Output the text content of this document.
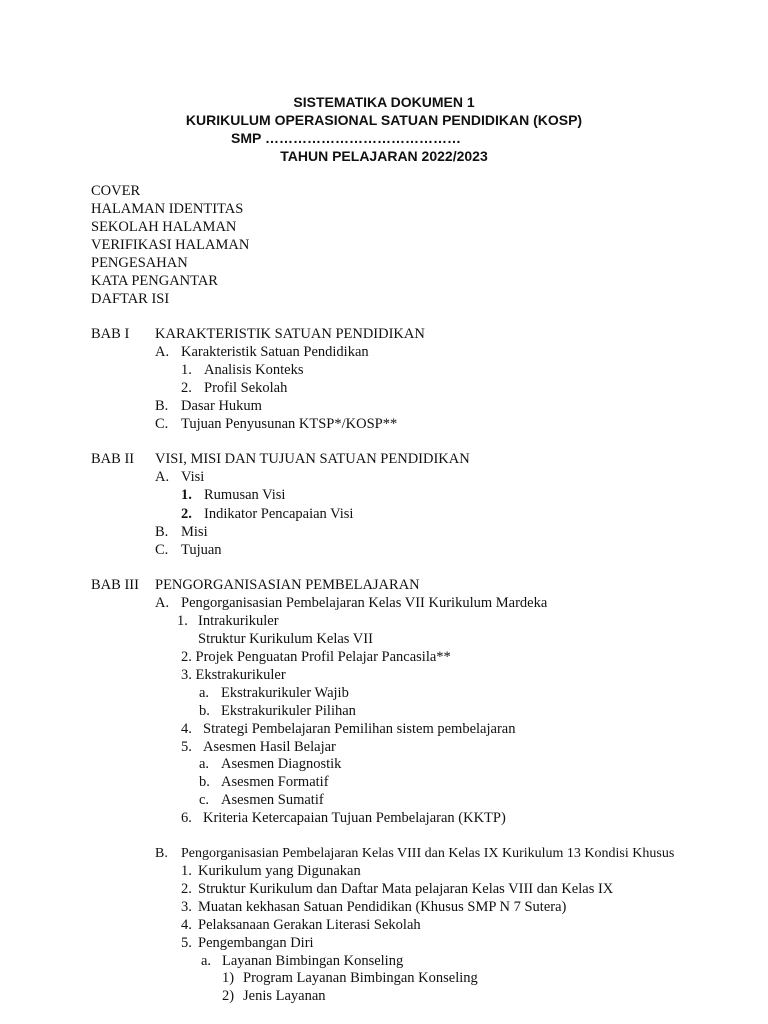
SISTEMATIKA DOKUMEN 1
KURIKULUM OPERASIONAL SATUAN PENDIDIKAN (KOSP)
SMP ……………………………………
TAHUN PELAJARAN 2022/2023
COVER
HALAMAN IDENTITAS
SEKOLAH HALAMAN
VERIFIKASI HALAMAN
PENGESAHAN
KATA PENGANTAR
DAFTAR ISI
BAB I KARAKTERISTIK SATUAN PENDIDIKAN
A. Karakteristik Satuan Pendidikan
1. Analisis Konteks
2. Profil Sekolah
B. Dasar Hukum
C. Tujuan Penyusunan KTSP*/KOSP**
BAB II VISI, MISI DAN TUJUAN SATUAN PENDIDIKAN
A. Visi
1. Rumusan Visi
2. Indikator Pencapaian Visi
B. Misi
C. Tujuan
BAB III PENGORGANISASIAN PEMBELAJARAN
A. Pengorganisasian Pembelajaran Kelas VII Kurikulum Mardeka
1. Intrakurikuler
Struktur Kurikulum Kelas VII
2. Projek Penguatan Profil Pelajar Pancasila**
3. Ekstrakurikuler
a. Ekstrakurikuler Wajib
b. Ekstrakurikuler Pilihan
4. Strategi Pembelajaran Pemilihan sistem pembelajaran
5. Asesmen Hasil Belajar
a. Asesmen Diagnostik
b. Asesmen Formatif
c. Asesmen Sumatif
6. Kriteria Ketercapaian Tujuan Pembelajaran (KKTP)
B. Pengorganisasian Pembelajaran Kelas VIII dan Kelas IX Kurikulum 13 Kondisi Khusus
1. Kurikulum yang Digunakan
2. Struktur Kurikulum dan Daftar Mata pelajaran Kelas VIII dan Kelas IX
3. Muatan kekhasan Satuan Pendidikan (Khusus SMP N 7 Sutera)
4. Pelaksanaan Gerakan Literasi Sekolah
5. Pengembangan Diri
a. Layanan Bimbingan Konseling
1) Program Layanan Bimbingan Konseling
2) Jenis Layanan
